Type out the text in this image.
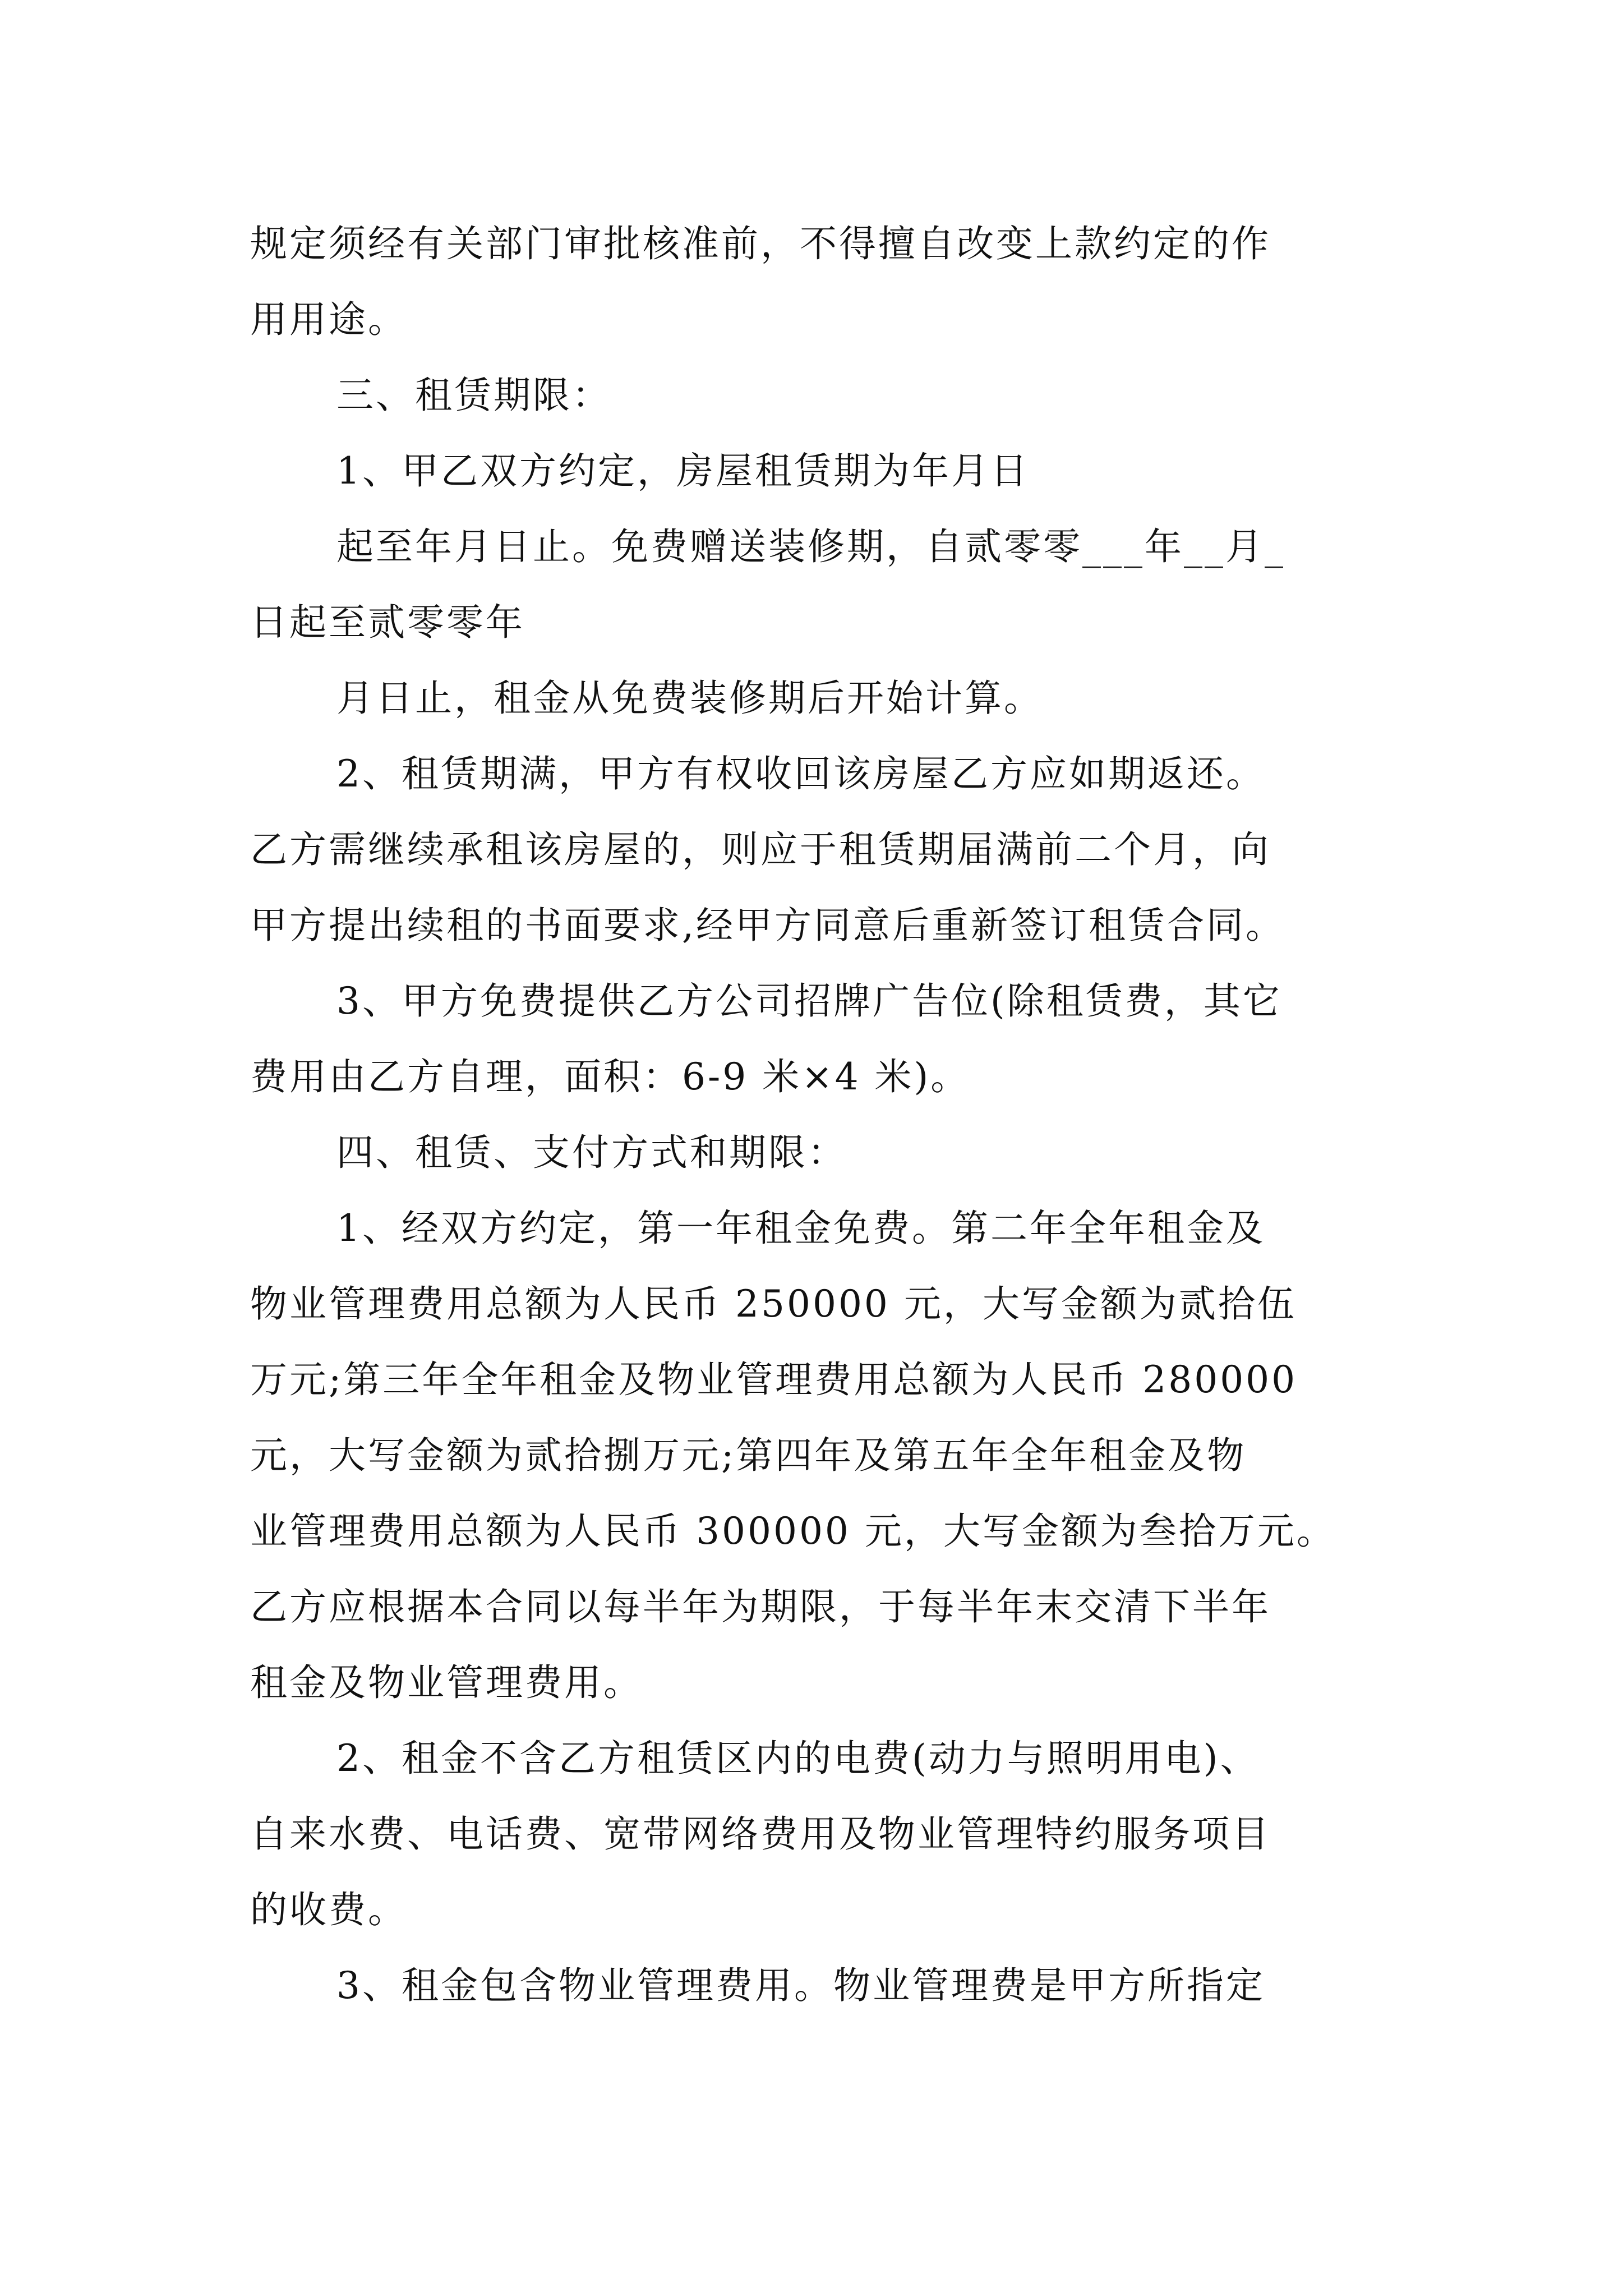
规定须经有关部门审批核准前，不得擅自改变上款约定的作
用用途。
三、租赁期限：
1、甲乙双方约定，房屋租赁期为年月日
起至年月日止。免费赠送装修期，自贰零零___年__月_
日起至贰零零年
月日止，租金从免费装修期后开始计算。
2、租赁期满，甲方有权收回该房屋乙方应如期返还。
乙方需继续承租该房屋的，则应于租赁期届满前二个月，向
甲方提出续租的书面要求,经甲方同意后重新签订租赁合同。
3、甲方免费提供乙方公司招牌广告位(除租赁费，其它
费用由乙方自理，面积：6-9 米×4 米)。
四、租赁、支付方式和期限：
1、经双方约定，第一年租金免费。第二年全年租金及
物业管理费用总额为人民币 250000 元，大写金额为贰拾伍
万元;第三年全年租金及物业管理费用总额为人民币 280000
元，大写金额为贰拾捌万元;第四年及第五年全年租金及物
业管理费用总额为人民币 300000 元，大写金额为叁拾万元。
乙方应根据本合同以每半年为期限，于每半年末交清下半年
租金及物业管理费用。
2、租金不含乙方租赁区内的电费(动力与照明用电)、
自来水费、电话费、宽带网络费用及物业管理特约服务项目
的收费。
3、租金包含物业管理费用。物业管理费是甲方所指定
